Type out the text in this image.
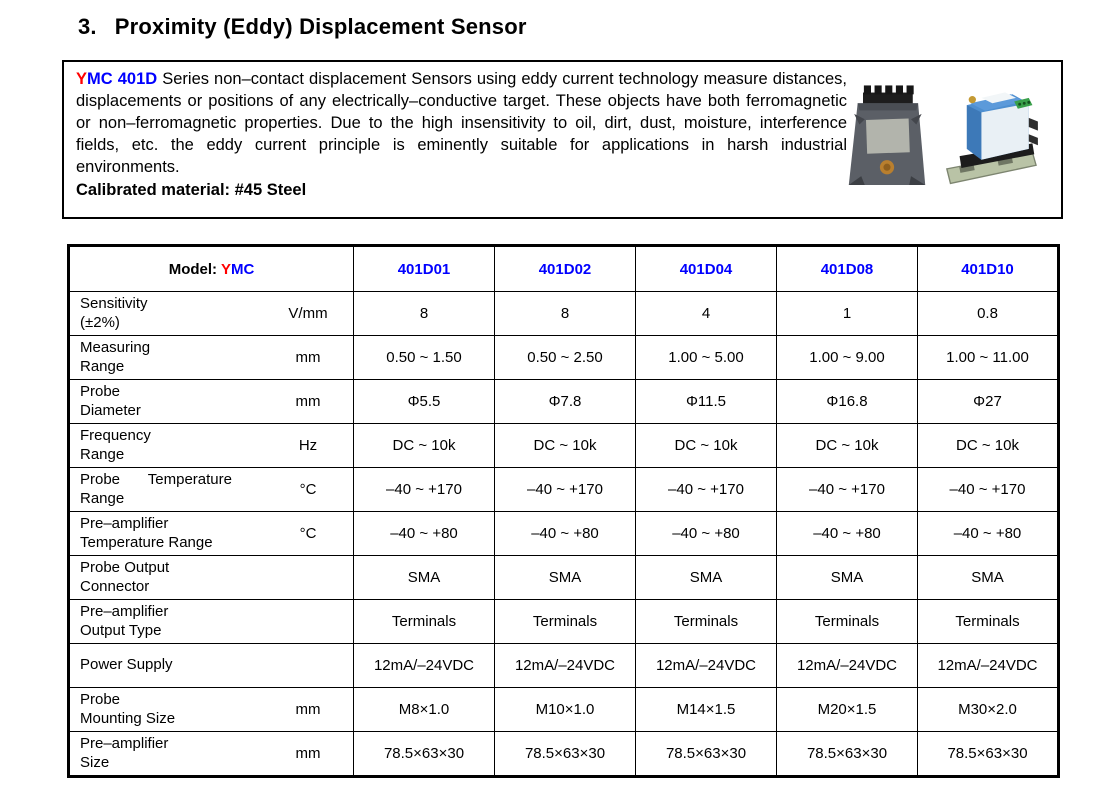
3. Proximity (Eddy) Displacement Sensor
YMC 401D Series non–contact displacement Sensors using eddy current technology measure distances, displacements or positions of any electrically–conductive target. These objects have both ferromagnetic or non–ferromagnetic properties. Due to the high insensitivity to oil, dirt, dust, moisture, interference fields, etc. the eddy current principle is eminently suitable for applications in harsh industrial environments.
Calibrated material: #45 Steel
Model: YMC	401D01	401D02	401D04	401D08	401D10

Sensitivity (±2%) V/mm	8	8	4	1	0.8

Measuring Range mm	0.50 ~ 1.50	0.50 ~ 2.50	1.00 ~ 5.00	1.00 ~ 9.00	1.00 ~ 11.00

Probe Diameter mm	Φ5.5	Φ7.8	Φ11.5	Φ16.8	Φ27

Frequency Range Hz	DC ~ 10k	DC ~ 10k	DC ~ 10k	DC ~ 10k	DC ~ 10k

Probe Temperature Range °C	–40 ~ +170	–40 ~ +170	–40 ~ +170	–40 ~ +170	–40 ~ +170

Pre–amplifier Temperature Range °C	–40 ~ +80	–40 ~ +80	–40 ~ +80	–40 ~ +80	–40 ~ +80

Probe Output Connector	SMA	SMA	SMA	SMA	SMA

Pre–amplifier Output Type	Terminals	Terminals	Terminals	Terminals	Terminals

Power Supply	12mA/–24VDC	12mA/–24VDC	12mA/–24VDC	12mA/–24VDC	12mA/–24VDC

Probe Mounting Size mm	M8×1.0	M10×1.0	M14×1.5	M20×1.5	M30×2.0

Pre–amplifier Size mm	78.5×63×30	78.5×63×30	78.5×63×30	78.5×63×30	78.5×63×30
